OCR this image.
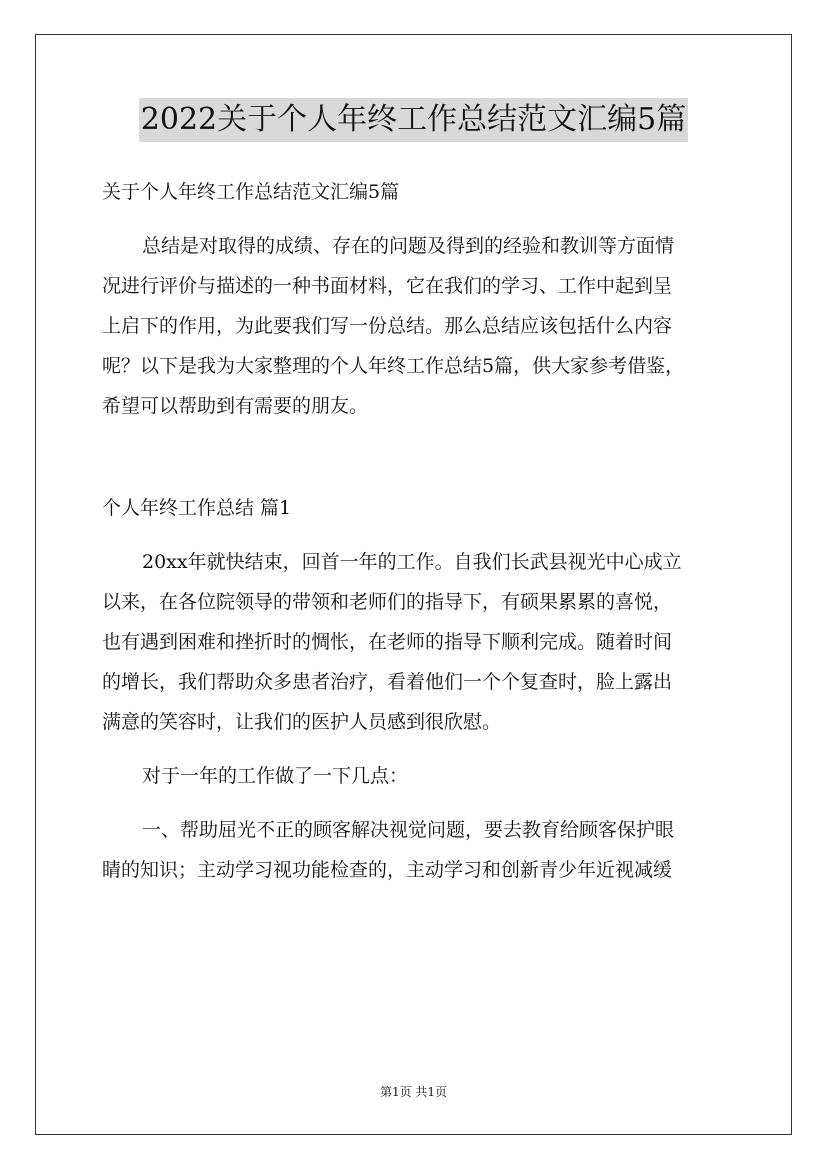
2022关于个人年终工作总结范文汇编5篇

关于个人年终工作总结范文汇编5篇

总结是对取得的成绩、存在的问题及得到的经验和教训等方面情

况进行评价与描述的一种书面材料，它在我们的学习、工作中起到呈

上启下的作用，为此要我们写一份总结。那么总结应该包括什么内容

呢？以下是我为大家整理的个人年终工作总结5篇，供大家参考借鉴，

希望可以帮助到有需要的朋友。

个人年终工作总结 篇1

20xx年就快结束，回首一年的工作。自我们长武县视光中心成立

以来，在各位院领导的带领和老师们的指导下，有硕果累累的喜悦，

也有遇到困难和挫折时的惆怅，在老师的指导下顺利完成。随着时间

的增长，我们帮助众多患者治疗，看着他们一个个复查时，脸上露出

满意的笑容时，让我们的医护人员感到很欣慰。

对于一年的工作做了一下几点：

一、帮助屈光不正的顾客解决视觉问题，要去教育给顾客保护眼

睛的知识；主动学习视功能检查的，主动学习和创新青少年近视减缓

第1页 共1页
